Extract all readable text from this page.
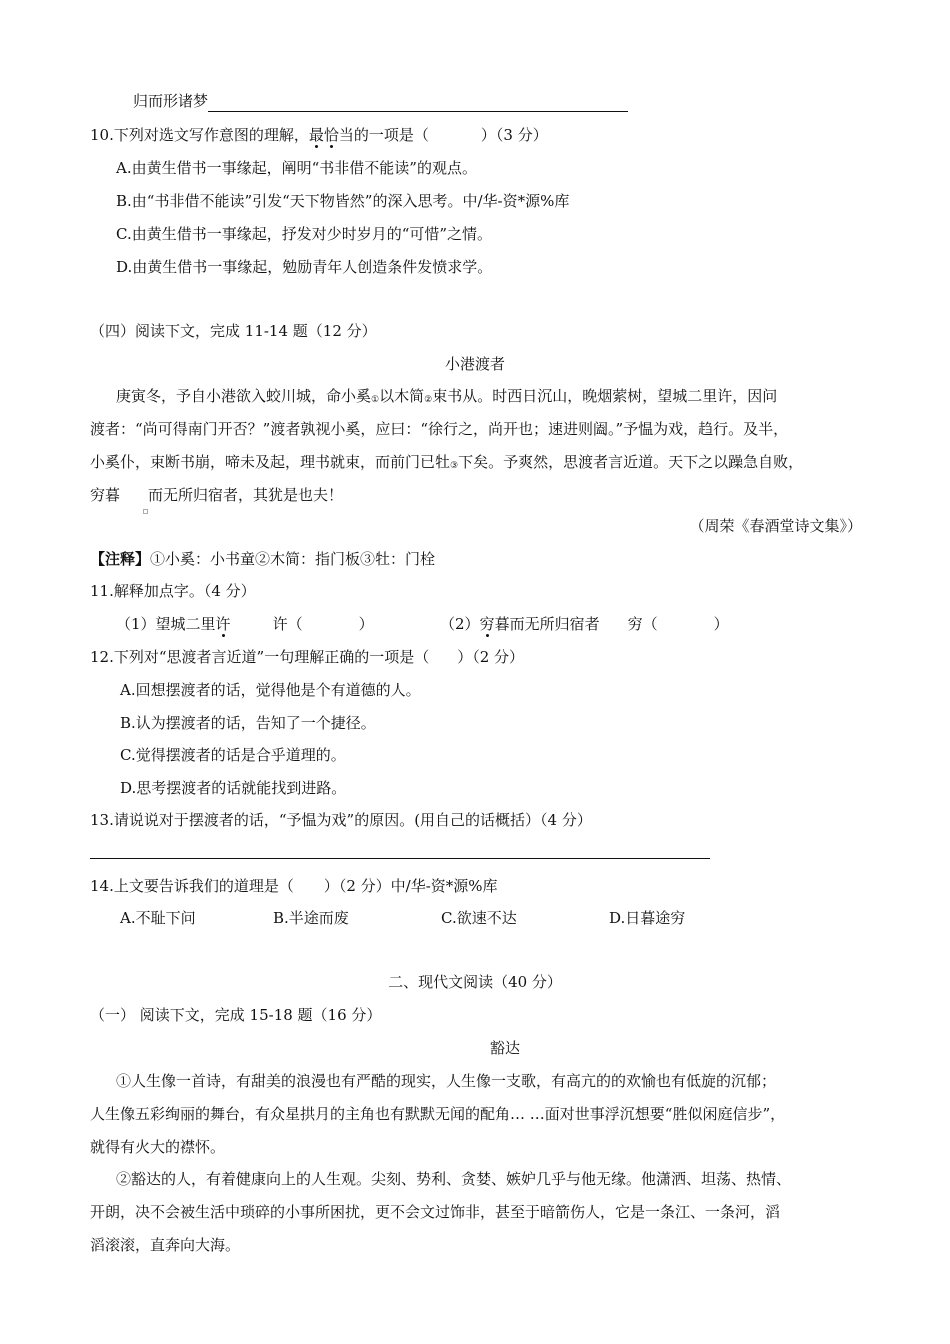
归而形诸梦
10.下列对选文写作意图的理解，最恰当的一项是（	）（3 分）
A.由黄生借书一事缘起，阐明“书非借不能读”的观点。
B.由“书非借不能读”引发“天下物皆然”的深入思考。中/华-资*源%库
C.由黄生借书一事缘起，抒发对少时岁月的“可惜”之情。
D.由黄生借书一事缘起，勉励青年人创造条件发愤求学。
（四）阅读下文，完成 11-14 题（12 分）
小港渡者
庚寅冬，予自小港欲入蛟川城，命小奚①以木简②束书从。时西日沉山，晚烟萦树，望城二里许，因问
渡者：“尚可得南门开否？”渡者孰视小奚，应曰：“徐行之，尚开也；速进则阖。”予愠为戏，趋行。及半，
小奚仆，束断书崩，啼未及起，理书就束，而前门已牡③下矣。予爽然，思渡者言近道。天下之以躁急自败，
穷暮 而无所归宿者，其犹是也夫！
（周荣《春酒堂诗文集》）
【注释】①小奚：小书童②木简：指门板③牡：门栓
11.解释加点字。（4 分）
（1）望城二里许	许（	）	（2）穷暮而无所归宿者 穷（	）
12.下列对“思渡者言近道”一句理解正确的一项是（ ）（2 分）
A.回想摆渡者的话，觉得他是个有道德的人。
B.认为摆渡者的话，告知了一个捷径。
C.觉得摆渡者的话是合乎道理的。
D.思考摆渡者的话就能找到进路。
13.请说说对于摆渡者的话，“予愠为戏”的原因。(用自己的话概括）（4 分）
14.上文要告诉我们的道理是（ ）（2 分）中/华-资*源%库
A.不耻下问	B.半途而废	C.欲速不达	D.日暮途穷
二、现代文阅读（40 分）
（一） 阅读下文，完成 15-18 题（16 分）
豁达
①人生像一首诗，有甜美的浪漫也有严酷的现实，人生像一支歌，有高亢的的欢愉也有低旋的沉郁；
人生像五彩绚丽的舞台，有众星拱月的主角也有默默无闻的配角… …面对世事浮沉想要“胜似闲庭信步”，
就得有火大的襟怀。
②豁达的人，有着健康向上的人生观。尖刻、势利、贪婪、嫉妒几乎与他无缘。他潇洒、坦荡、热情、
开朗，决不会被生活中琐碎的小事所困扰，更不会文过饰非，甚至于暗箭伤人，它是一条江、一条河，滔
滔滚滚，直奔向大海。
